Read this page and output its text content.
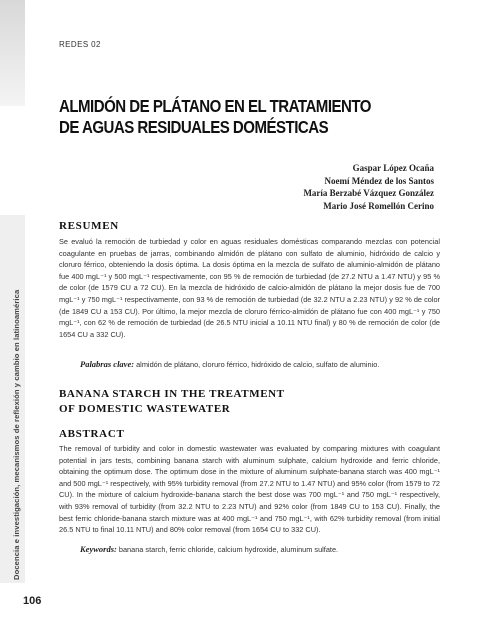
REDES 02
Docencia e investigación, mecanismos de reflexión y cambio en latinoamérica
ALMIDÓN DE PLÁTANO EN EL TRATAMIENTO
DE AGUAS RESIDUALES DOMÉSTICAS
Gaspar López Ocaña
Noemí Méndez de los Santos
María Berzabé Vázquez González
Mario José Romellón Cerino
RESUMEN

Se evaluó la remoción de turbiedad y color en aguas residuales domésticas comparando mezclas con potencial coagulante en pruebas de jarras, combinando almidón de plátano con sulfato de aluminio, hidróxido de calcio y cloruro férrico, obteniendo la dosis óptima. La dosis óptima en la mezcla de sulfato de aluminio-almidón de plátano fue 400 mgL⁻¹ y 500 mgL⁻¹ respectivamente, con 95 % de remoción de turbiedad (de 27.2 NTU a 1.47 NTU) y 95 % de color (de 1579 CU a 72 CU). En la mezcla de hidróxido de calcio-almidón de plátano la mejor dosis fue de 700 mgL⁻¹ y 750 mgL⁻¹ respectivamente, con 93 % de remoción de turbiedad (de 32.2 NTU a 2.23 NTU) y 92 % de color (de 1849 CU a 153 CU). Por último, la mejor mezcla de cloruro férrico-almidón de plátano fue con 400 mgL⁻¹ y 750 mgL⁻¹, con 62 % de remoción de turbiedad (de 26.5 NTU inicial a 10.11 NTU final) y 80 % de remoción de color (de 1654 CU a 332 CU).

Palabras clave: almidón de plátano, cloruro férrico, hidróxido de calcio, sulfato de aluminio.
BANANA STARCH IN THE TREATMENT
OF DOMESTIC WASTEWATER
ABSTRACT

The removal of turbidity and color in domestic wastewater was evaluated by comparing mixtures with coagulant potential in jars tests, combining banana starch with aluminum sulphate, calcium hydroxide and ferric chloride, obtaining the optimum dose. The optimum dose in the mixture of aluminum sulphate-banana starch was 400 mgL⁻¹ and 500 mgL⁻¹ respectively, with 95% turbidity removal (from 27.2 NTU to 1.47 NTU) and 95% color (from 1579 to 72 CU). In the mixture of calcium hydroxide-banana starch the best dose was 700 mgL⁻¹ and 750 mgL⁻¹ respectively, with 93% removal of turbidity (from 32.2 NTU to 2.23 NTU) and 92% color (from 1849 CU to 153 CU). Finally, the best ferric chloride-banana starch mixture was at 400 mgL⁻¹ and 750 mgL⁻¹, with 62% turbidity removal (from initial 26.5 NTU to final 10.11 NTU) and 80% color removal (from 1654 CU to 332 CU).

Keywords: banana starch, ferric chloride, calcium hydroxide, aluminum sulfate.
106
